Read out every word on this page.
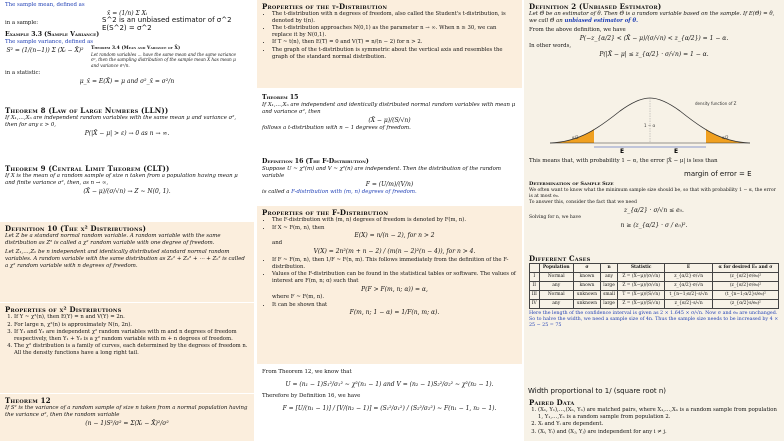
The sample mean, defined as

x̄ = (1/n) Σ Xᵢ

S^2 is an unbiased estimator of σ^2 E(S^2) = σ^2

in a sample:

Example 3.3 (Sample Variance)

The sample variance, defined as

S² = (1/(n−1)) Σ (Xᵢ − X̄)²	Theorem 3.4 (Mean and Variance of X̄)

Let random variables ... have the same mean and the same variance σ², then the sampling distribution of the sample mean X̄ has mean μ and variance σ²/n.

in a statistic:

μ_x̄ = E(X̄) = μ and σ²_x̄ = σ²/n

Theorem 8 (Law of Large Numbers (LLN))

If X₁,…,Xₙ are independent random variables with the same mean μ and variance σ², then for any ε > 0,

P(|X̄ − μ| > ε) → 0 as n → ∞.

Theorem 9 (Central Limit Theorem (CLT))

If X is the mean of a random sample of size n taken from a population having mean μ and finite variance σ², then, as n → ∞,

(X̄ − μ)/(σ/√n) → Z ~ N(0, 1).

Definition 10 (The χ² Distributions)

Let Z be a standard normal random variable. A random variable with the same distribution as Z² is called a χ² random variable with one degree of freedom.

Let Z₁,…,Zₙ be n independent and identically distributed standard normal random variables. A random variable with the same distribution as Z₁² + Z₂² + ⋯ + Zₙ² is called a χ² random variable with n degrees of freedom.

Properties of χ² Distributions

1. If Y ~ χ²(n), then E(Y) = n and V(Y) = 2n.
2. For large n, χ²(n) is approximately N(n, 2n).
3. If Y₁ and Y₂ are independent χ² random variables with m and n degrees of freedom respectively, then Y₁ + Y₂ is a χ² random variable with m + n degrees of freedom.
4. The χ² distribution is a family of curves, each determined by the degrees of freedom n. All the density functions have a long right tail.

Theorem 12

If S² is the variance of a random sample of size n taken from a normal population having the variance σ², then the random variable

(n − 1)S²/σ² = Σ(Xᵢ − X̄)²/σ²

Properties of the t-Distribution

• The t-distribution with n degrees of freedom, also called the Student's t-distribution, is denoted by t(n).
• The t-distribution approaches N(0,1) as the parameter n → ∞. When n ≥ 30, we can replace it by N(0,1).
• If T ~ t(n), then E(T) = 0 and V(T) = n/(n − 2) for n > 2.
• The graph of the t-distribution is symmetric about the vertical axis and resembles the graph of the standard normal distribution.

Theorem 15

If X₁,…,Xₙ are independent and identically distributed normal random variables with mean μ and variance σ², then

(X̄ − μ)/(S/√n)

follows a t-distribution with n − 1 degrees of freedom.

Definition 16 (The F-Distribution)

Suppose U ~ χ²(m) and V ~ χ²(n) are independent. Then the distribution of the random variable

F = (U/m)/(V/n)

is called a F-distribution with (m, n) degrees of freedom.

Properties of the F-Distribution

• The F-distribution with (m, n) degrees of freedom is denoted by F(m, n).
• If X ~ F(m, n), then

E(X) = n/(n − 2), for n > 2

and

V(X) = 2n²(m + n − 2) / (m(n − 2)²(n − 4)), for n > 4.

• If F ~ F(m, n), then 1/F ~ F(n, m). This follows immediately from the definition of the F-distribution.
• Values of the F-distribution can be found in the statistical tables or software. The values of interest are F(m, n; α) such that

P(F > F(m, n; α)) = α,

where F ~ F(m, n).

• It can be shown that

F(m, n; 1 − α) = 1/F(n, m; α).

From Theorem 12, we know that

U = (n₁ − 1)S₁²/σ₁² ~ χ²(n₁ − 1) and V = (n₂ − 1)S₂²/σ₂² ~ χ²(n₂ − 1).

Therefore by Definition 16, we have

F = [U/(n₁ − 1)] / [V/(n₂ − 1)] = (S₁²/σ₁²) / (S₂²/σ₂²) ~ F(n₁ − 1, n₂ − 1).

Definition 2 (Unbiased Estimator)

Let Θ̂ be an estimator of θ. Then Θ̂ is a random variable based on the sample. If E(Θ̂) = θ, we call Θ̂ an unbiased estimator of θ.

From the above definition, we have

P(−z_{α/2} < (X̄ − μ)/(σ/√n) < z_{α/2}) = 1 − α.

In other words,

P(|X̄ − μ| ≤ z_{α/2} · σ/√n) = 1 − α.

density function of Z
α/2	α/2
1 − α
E	E

This means that, with probability 1 − α, the error |X̄ − μ| is less than

margin of error = E

Determination of Sample Size

We often want to know what the minimum sample size should be, so that with probability 1 − α, the error is at most e₀.

To answer this, consider the fact that we need

z_{α/2} · σ/√n ≤ e₀.

Solving for n, we have

n ≥ (z_{α/2} · σ / e₀)².

Different Cases

	Population	σ	n	Statistic	E	α for desired E₀ and σ
I	Normal	known	any	Z = (X̄−μ)/(σ/√n)	z_{α/2}·σ/√n	(z_{α/2}σ/e₀)²
II	any	known	large	Z = (X̄−μ)/(σ/√n)	z_{α/2}·σ/√n	(z_{α/2}σ/e₀)²
III	Normal	unknown	small	T = (X̄−μ)/(S/√n)	t_{n−1;α/2}·s/√n	(t_{n−1;α/2}s/e₀)²
IV	any	unknown	large	Z = (X̄−μ)/(S/√n)	z_{α/2}·s/√n	(z_{α/2}s/e₀)²

Here the length of the confidence interval is given as 2 × 1.645 × σ/√n. Now σ and e₀ are unchanged. So to halve the width, we need a sample size of 4n. Thus the sample size needs to be increased by 4 × 25 − 25 = 75

Width proportional to 1/ (square root n)

Paired Data

1. (X₁, Y₁),…,(Xₙ, Yₙ) are matched pairs, where X₁,…,Xₙ is a random sample from population 1, Y₁,…,Yₙ is a random sample from population 2.
2. Xᵢ and Yᵢ are dependent.
3. (Xᵢ, Yᵢ) and (Xⱼ, Yⱼ) are independent for any i ≠ j.
